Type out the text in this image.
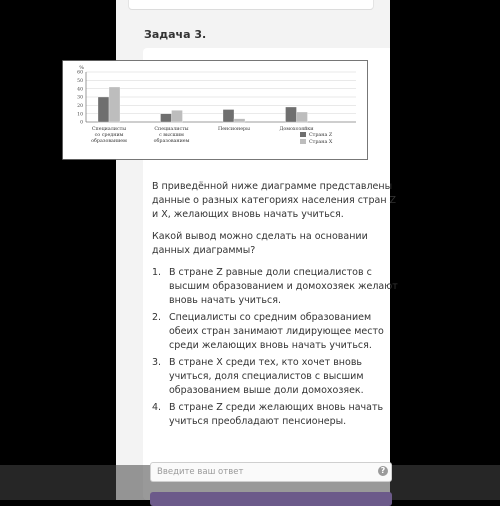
Задача 3.
%
0
10
20
30
40
50
60
Специалисты
со средним
образованием
Специалисты
с высшим
образованием
Пенсионеры	Домохозяйки
Страна Z
Страна X
В приведённой ниже диаграмме представлены данные о разных категориях населения стран Z и X, желающих вновь начать учиться.
Какой вывод можно сделать на основании данных диаграммы?
1. В стране Z равные доли специалистов с высшим образованием и домохозяек желают вновь начать учиться.
2. Специалисты со средним образованием обеих стран занимают лидирующее место среди желающих вновь начать учиться.
3. В стране X среди тех, кто хочет вновь учиться, доля специалистов с высшим образованием выше доли домохозяек.
4. В стране Z среди желающих вновь начать учиться преобладают пенсионеры.
Введите ваш ответ
?
